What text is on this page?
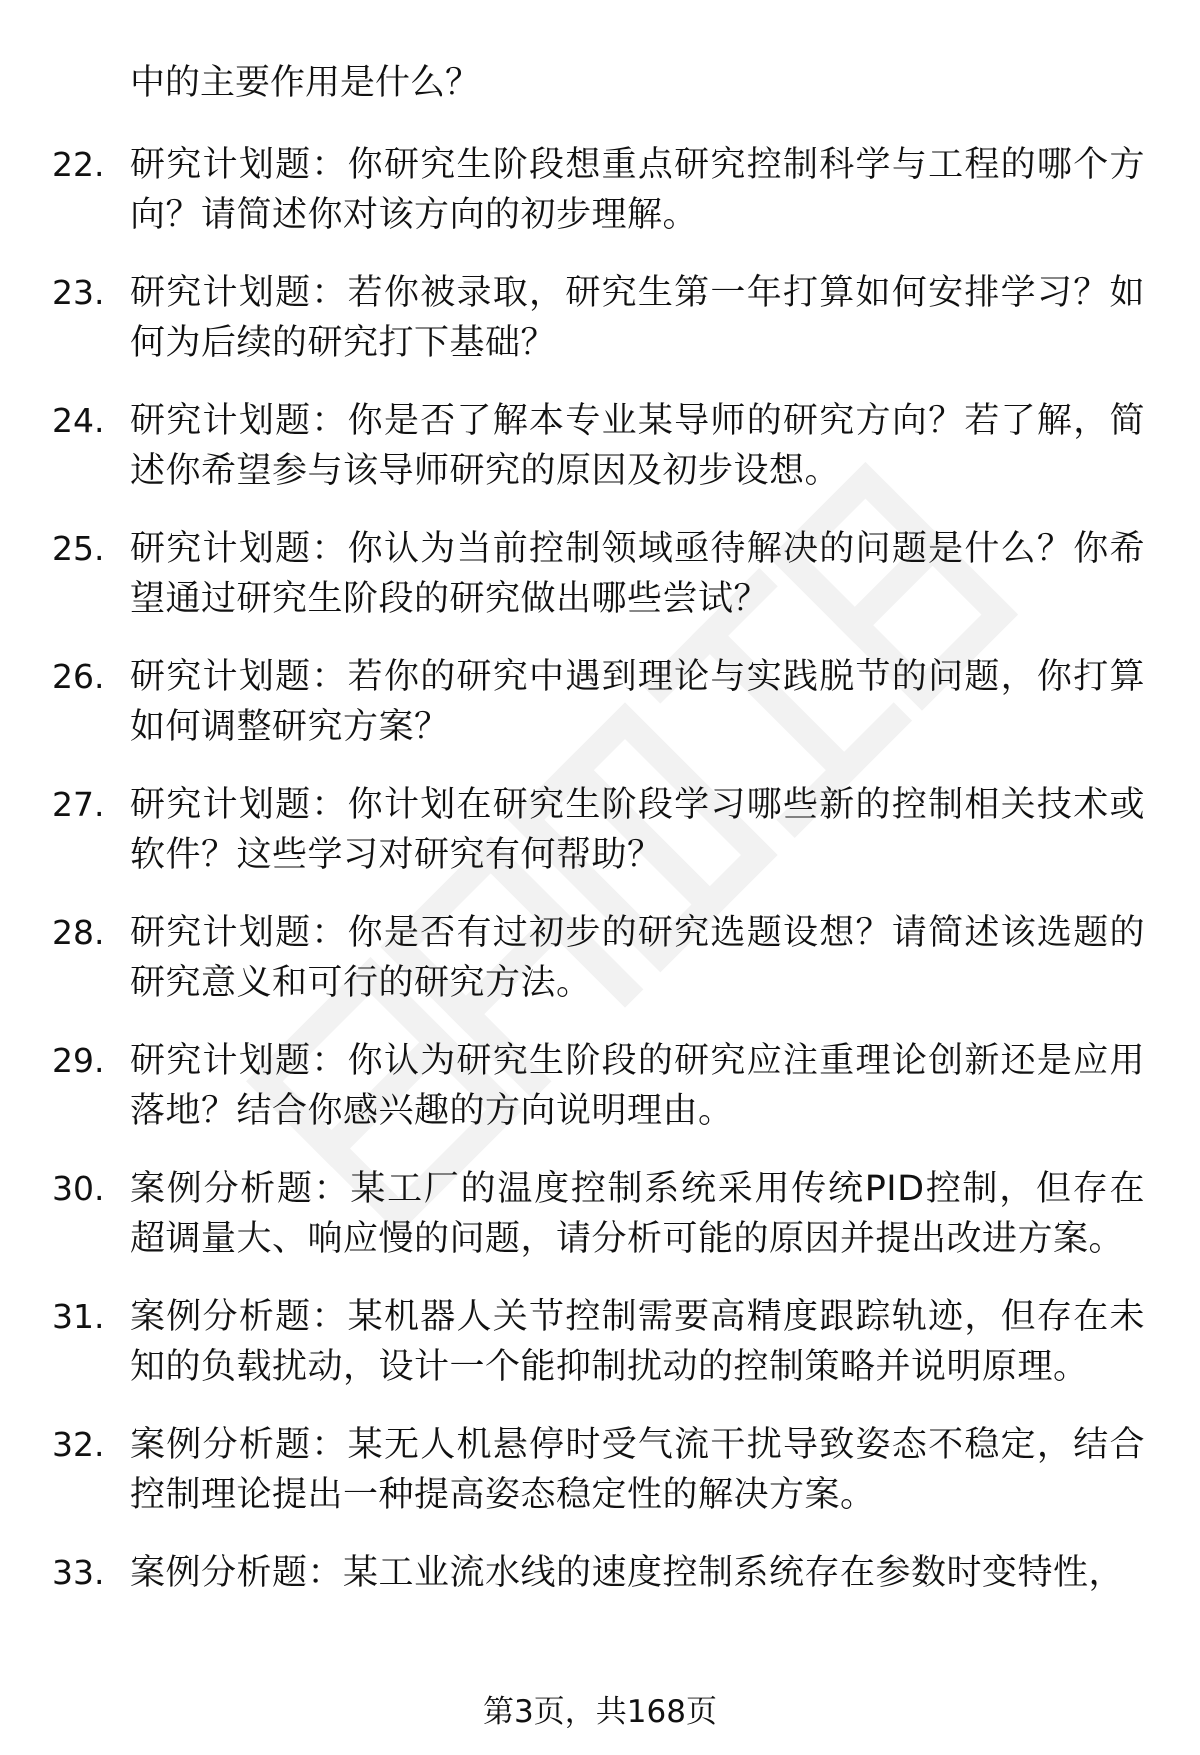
中的主要作用是什么？
22. 研究计划题：你研究生阶段想重点研究控制科学与工程的哪个方向？请简述你对该方向的初步理解。
23. 研究计划题：若你被录取，研究生第一年打算如何安排学习？如何为后续的研究打下基础？
24. 研究计划题：你是否了解本专业某导师的研究方向？若了解，简述你希望参与该导师研究的原因及初步设想。
25. 研究计划题：你认为当前控制领域亟待解决的问题是什么？你希望通过研究生阶段的研究做出哪些尝试？
26. 研究计划题：若你的研究中遇到理论与实践脱节的问题，你打算如何调整研究方案？
27. 研究计划题：你计划在研究生阶段学习哪些新的控制相关技术或软件？这些学习对研究有何帮助？
28. 研究计划题：你是否有过初步的研究选题设想？请简述该选题的研究意义和可行的研究方法。
29. 研究计划题：你认为研究生阶段的研究应注重理论创新还是应用落地？结合你感兴趣的方向说明理由。
30. 案例分析题：某工厂的温度控制系统采用传统PID控制，但存在超调量大、响应慢的问题，请分析可能的原因并提出改进方案。
31. 案例分析题：某机器人关节控制需要高精度跟踪轨迹，但存在未知的负载扰动，设计一个能抑制扰动的控制策略并说明原理。
32. 案例分析题：某无人机悬停时受气流干扰导致姿态不稳定，结合控制理论提出一种提高姿态稳定性的解决方案。
33. 案例分析题：某工业流水线的速度控制系统存在参数时变特性，
第3页，共168页
